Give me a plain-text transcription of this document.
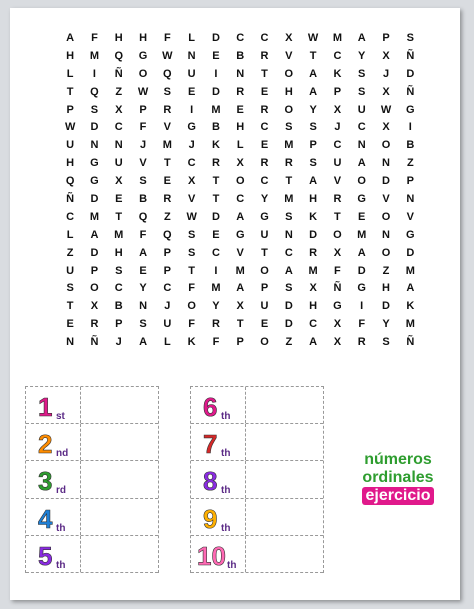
A	F	H	H	F	L	D	C	C	X	W	M	A	P	S
H	M	Q	G	W	N	E	B	R	V	T	C	Y	X	Ñ
L	I	Ñ	O	Q	U	I	N	T	O	A	K	S	J	D
T	Q	Z	W	S	E	D	R	E	H	A	P	S	X	Ñ
P	S	X	P	R	I	M	E	R	O	Y	X	U	W	G
W	D	C	F	V	G	B	H	C	S	S	J	C	X	I
U	N	N	J	M	J	K	L	E	M	P	C	N	O	B
H	G	U	V	T	C	R	X	R	R	S	U	A	N	Z
Q	G	X	S	E	X	T	O	C	T	A	V	O	D	P
Ñ	D	E	B	R	V	T	C	Y	M	H	R	G	V	N
C	M	T	Q	Z	W	D	A	G	S	K	T	E	O	V
L	A	M	F	Q	S	E	G	U	N	D	O	M	N	G
Z	D	H	A	P	S	C	V	T	C	R	X	A	O	D
U	P	S	E	P	T	I	M	O	A	M	F	D	Z	M
S	O	C	Y	C	F	M	A	P	S	X	Ñ	G	H	A
T	X	B	N	J	O	Y	X	U	D	H	G	I	D	K
E	R	P	S	U	F	R	T	E	D	C	X	F	Y	M
N	Ñ	J	A	L	K	F	P	O	Z	A	X	R	S	Ñ
1 st
2 nd
3 rd
4 th
5 th
6 th
7 th
8 th
9 th
10 th
números
ordinales
ejercicio
